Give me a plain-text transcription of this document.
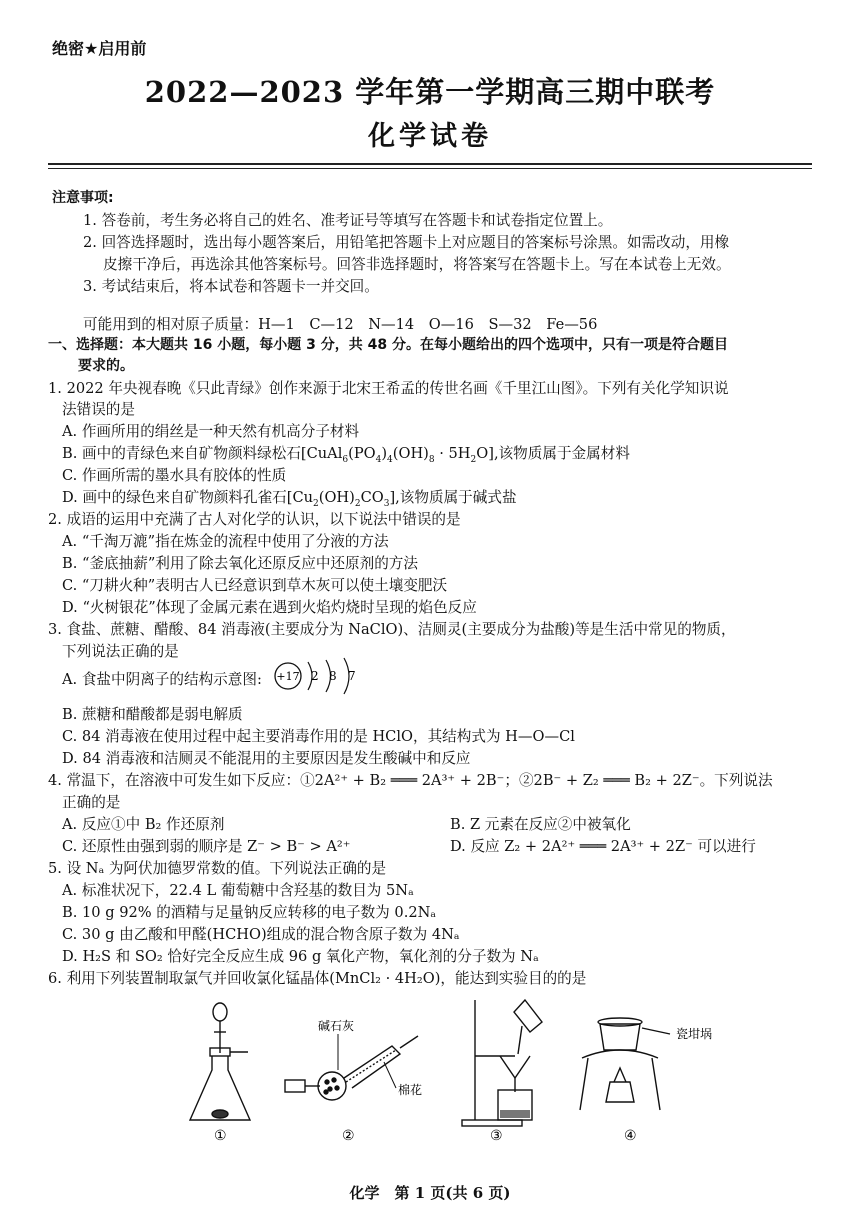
绝密★启用前
2022—2023 学年第一学期高三期中联考
化学试卷
注意事项:
1. 答卷前，考生务必将自己的姓名、准考证号等填写在答题卡和试卷指定位置上。
2. 回答选择题时，选出每小题答案后，用铅笔把答题卡上对应题目的答案标号涂黑。如需改动，用橡
皮擦干净后，再选涂其他答案标号。回答非选择题时，将答案写在答题卡上。写在本试卷上无效。
3. 考试结束后，将本试卷和答题卡一并交回。
可能用到的相对原子质量：H—1　C—12　N—14　O—16　S—32　Fe—56
一、选择题：本大题共 16 小题，每小题 3 分，共 48 分。在每小题给出的四个选项中，只有一项是符合题目
要求的。
1. 2022 年央视春晚《只此青绿》创作来源于北宋王希孟的传世名画《千里江山图》。下列有关化学知识说
法错误的是
A. 作画所用的绢丝是一种天然有机高分子材料
B. 画中的青绿色来自矿物颜料绿松石$[CuAl_6(PO_4)_4(OH)_8 \cdot 5H_2O]$,该物质属于金属材料
C. 作画所需的墨水具有胶体的性质
D. 画中的绿色来自矿物颜料孔雀石$[Cu_2(OH)_2CO_3]$,该物质属于碱式盐
2. 成语的运用中充满了古人对化学的认识，以下说法中错误的是
A. “千淘万漉”指在炼金的流程中使用了分液的方法
B. “釜底抽薪”利用了除去氧化还原反应中还原剂的方法
C. “刀耕火种”表明古人已经意识到草木灰可以使土壤变肥沃
D. “火树银花”体现了金属元素在遇到火焰灼烧时呈现的焰色反应
3. 食盐、蔗糖、醋酸、84 消毒液(主要成分为 NaClO)、洁厕灵(主要成分为盐酸)等是生活中常见的物质，
下列说法正确的是
A. 食盐中阴离子的结构示意图: +17 2 8 7
B. 蔗糖和醋酸都是弱电解质
C. 84 消毒液在使用过程中起主要消毒作用的是 HClO，其结构式为 H—O—Cl
D. 84 消毒液和洁厕灵不能混用的主要原因是发生酸碱中和反应
4. 常温下，在溶液中可发生如下反应：①2A²⁺ + B₂ ═══ 2A³⁺ + 2B⁻；②2B⁻ + Z₂ ═══ B₂ + 2Z⁻。下列说法
正确的是
A. 反应①中 B₂ 作还原剂	B. Z 元素在反应②中被氧化
C. 还原性由强到弱的顺序是 Z⁻ > B⁻ > A²⁺	D. 反应 Z₂ + 2A²⁺ ═══ 2A³⁺ + 2Z⁻ 可以进行
5. 设 Nₐ 为阿伏加德罗常数的值。下列说法正确的是
A. 标准状况下，22.4 L 葡萄糖中含羟基的数目为 5Nₐ
B. 10 g 92% 的酒精与足量钠反应转移的电子数为 0.2Nₐ
C. 30 g 由乙酸和甲醛(HCHO)组成的混合物含原子数为 4Nₐ
D. H₂S 和 SO₂ 恰好完全反应生成 96 g 氧化产物，氧化剂的分子数为 Nₐ
6. 利用下列装置制取氯气并回收氯化锰晶体(MnCl₂ · 4H₂O)，能达到实验目的的是
①
碱石灰
棉花
②	③
瓷坩埚
④
化学　第 1 页(共 6 页)
